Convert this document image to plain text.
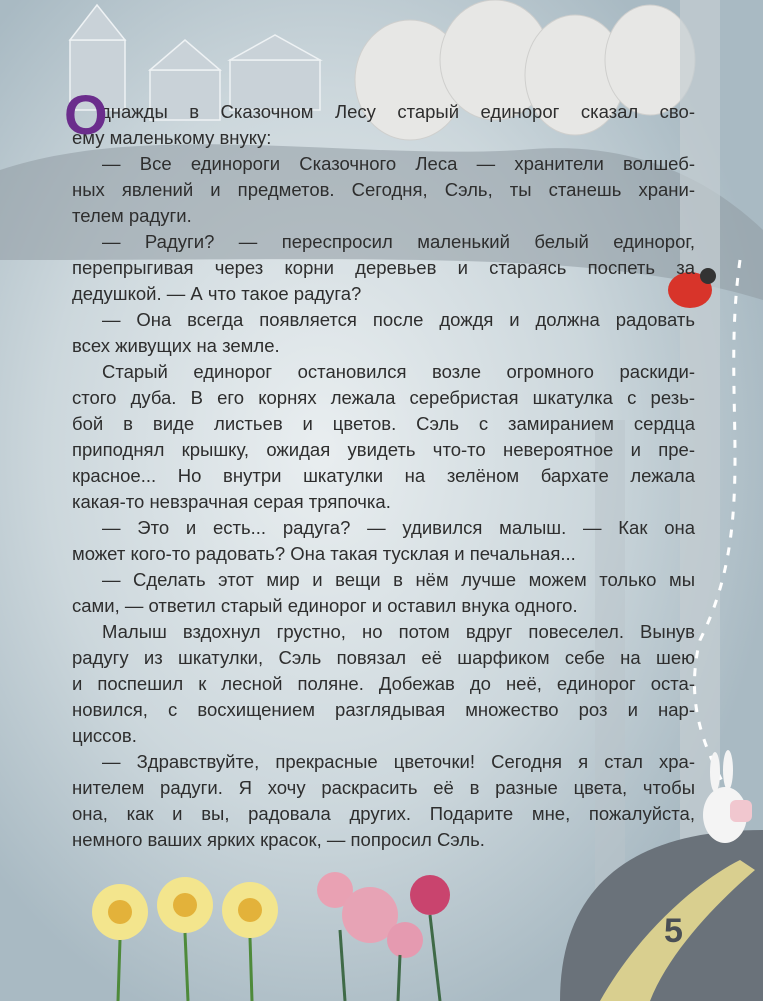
О
днажды в Сказочном Лесу старый единорог сказал сво-
ему маленькому внуку:
— Все единороги Сказочного Леса — хранители волшеб-
ных явлений и предметов. Сегодня, Сэль, ты станешь храни-
телем радуги.
— Радуги? — переспросил маленький белый единорог,
перепрыгивая через корни деревьев и стараясь поспеть за
дедушкой. — А что такое радуга?
— Она всегда появляется после дождя и должна радовать
всех живущих на земле.
Старый единорог остановился возле огромного раскиди-
стого дуба. В его корнях лежала серебристая шкатулка с резь-
бой в виде листьев и цветов. Сэль с замиранием сердца
приподнял крышку, ожидая увидеть что-то невероятное и пре-
красное... Но внутри шкатулки на зелёном бархате лежала
какая-то невзрачная серая тряпочка.
— Это и есть... радуга? — удивился малыш. — Как она
может кого-то радовать? Она такая тусклая и печальная...
— Сделать этот мир и вещи в нём лучше можем только мы
сами, — ответил старый единорог и оставил внука одного.
Малыш вздохнул грустно, но потом вдруг повеселел. Вынув
радугу из шкатулки, Сэль повязал её шарфиком себе на шею
и поспешил к лесной поляне. Добежав до неё, единорог оста-
новился, с восхищением разглядывая множество роз и нар-
циссов.
— Здравствуйте, прекрасные цветочки! Сегодня я стал хра-
нителем радуги. Я хочу раскрасить её в разные цвета, чтобы
она, как и вы, радовала других. Подарите мне, пожалуйста,
немного ваших ярких красок, — попросил Сэль.
5
